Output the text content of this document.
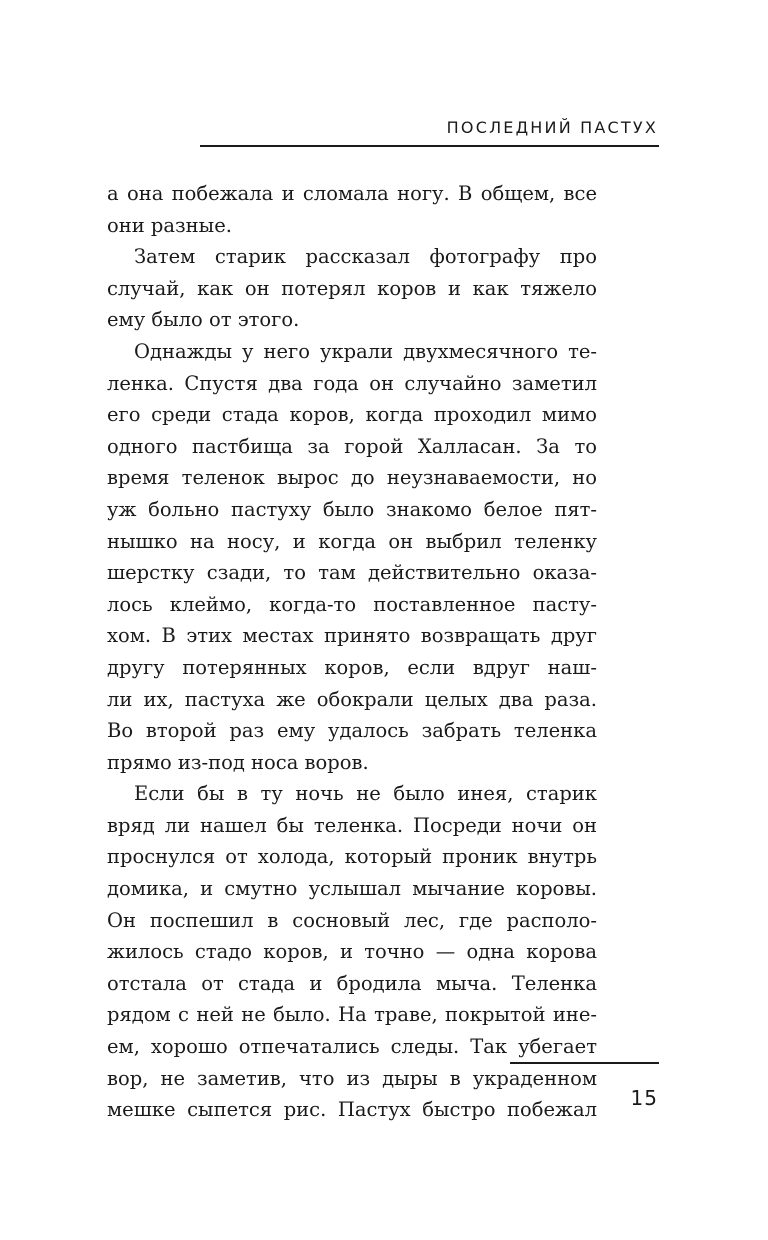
ПОСЛЕДНИЙ ПАСТУХ
а она побежала и сломала ногу. В общем, все
они разные.
Затем старик рассказал фотографу про
случай, как он потерял коров и как тяжело
ему было от этого.
Однажды у него украли двухмесячного те-
ленка. Спустя два года он случайно заметил
его среди стада коров, когда проходил мимо
одного пастбища за горой Халласан. За то
время теленок вырос до неузнаваемости, но
уж больно пастуху было знакомо белое пят-
нышко на носу, и когда он выбрил теленку
шерстку сзади, то там действительно оказа-
лось клеймо, когда-то поставленное пасту-
хом. В этих местах принято возвращать друг
другу потерянных коров, если вдруг наш-
ли их, пастуха же обокрали целых два раза.
Во второй раз ему удалось забрать теленка
прямо из-под носа воров.
Если бы в ту ночь не было инея, старик
вряд ли нашел бы теленка. Посреди ночи он
проснулся от холода, который проник внутрь
домика, и смутно услышал мычание коровы.
Он поспешил в сосновый лес, где располо-
жилось стадо коров, и точно — одна корова
отстала от стада и бродила мыча. Теленка
рядом с ней не было. На траве, покрытой ине-
ем, хорошо отпечатались следы. Так убегает
вор, не заметив, что из дыры в украденном
мешке сыпется рис. Пастух быстро побежал 15
